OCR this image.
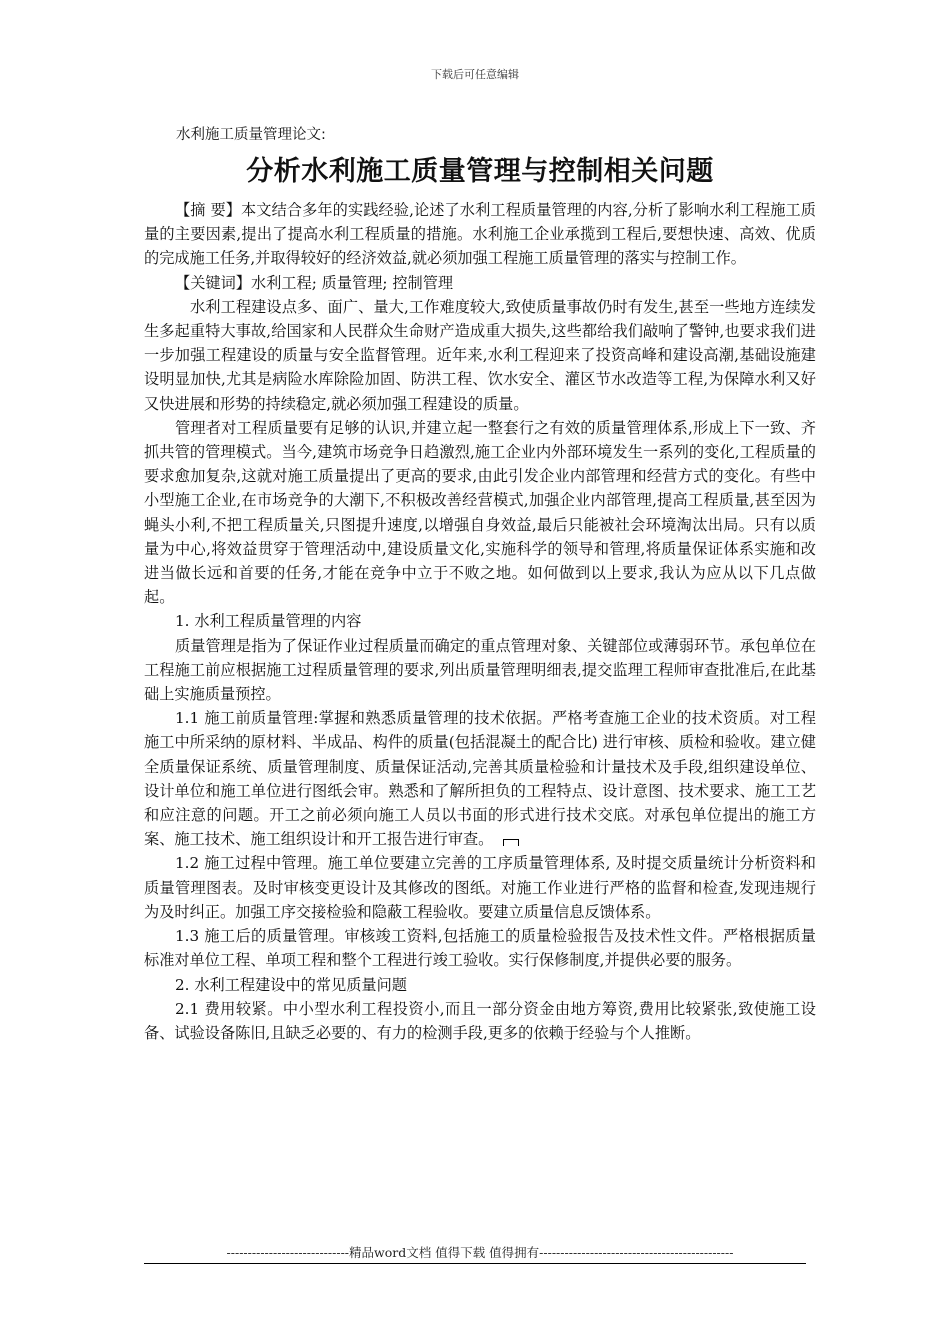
下载后可任意编辑

水利施工质量管理论文:

分析水利施工质量管理与控制相关问题

【摘 要】本文结合多年的实践经验,论述了水利工程质量管理的内容,分析了影响水利工程施工质量的主要因素,提出了提高水利工程质量的措施。水利施工企业承揽到工程后,要想快速、高效、优质的完成施工任务,并取得较好的经济效益,就必须加强工程施工质量管理的落实与控制工作。

【关键词】水利工程; 质量管理; 控制管理

水利工程建设点多、面广、量大,工作难度较大,致使质量事故仍时有发生,甚至一些地方连续发生多起重特大事故,给国家和人民群众生命财产造成重大损失,这些都给我们敲响了警钟,也要求我们进一步加强工程建设的质量与安全监督管理。近年来,水利工程迎来了投资高峰和建设高潮,基础设施建设明显加快,尤其是病险水库除险加固、防洪工程、饮水安全、灌区节水改造等工程,为保障水利又好又快进展和形势的持续稳定,就必须加强工程建设的质量。

管理者对工程质量要有足够的认识,并建立起一整套行之有效的质量管理体系,形成上下一致、齐抓共管的管理模式。当今,建筑市场竞争日趋激烈,施工企业内外部环境发生一系列的变化,工程质量的要求愈加复杂,这就对施工质量提出了更高的要求,由此引发企业内部管理和经营方式的变化。有些中小型施工企业,在市场竞争的大潮下,不积极改善经营模式,加强企业内部管理,提高工程质量,甚至因为蝇头小利,不把工程质量关,只图提升速度,以增强自身效益,最后只能被社会环境淘汰出局。只有以质量为中心,将效益贯穿于管理活动中,建设质量文化,实施科学的领导和管理,将质量保证体系实施和改进当做长远和首要的任务,才能在竞争中立于不败之地。如何做到以上要求,我认为应从以下几点做起。

1. 水利工程质量管理的内容

质量管理是指为了保证作业过程质量而确定的重点管理对象、关键部位或薄弱环节。承包单位在工程施工前应根据施工过程质量管理的要求,列出质量管理明细表,提交监理工程师审查批准后,在此基础上实施质量预控。

1.1 施工前质量管理:掌握和熟悉质量管理的技术依据。严格考查施工企业的技术资质。对工程施工中所采纳的原材料、半成品、构件的质量(包括混凝土的配合比) 进行审核、质检和验收。建立健全质量保证系统、质量管理制度、质量保证活动,完善其质量检验和计量技术及手段,组织建设单位、设计单位和施工单位进行图纸会审。熟悉和了解所担负的工程特点、设计意图、技术要求、施工工艺和应注意的问题。开工之前必须向施工人员以书面的形式进行技术交底。对承包单位提出的施工方案、施工技术、施工组织设计和开工报告进行审查。

1.2 施工过程中管理。施工单位要建立完善的工序质量管理体系, 及时提交质量统计分析资料和质量管理图表。及时审核变更设计及其修改的图纸。对施工作业进行严格的监督和检查,发现违规行为及时纠正。加强工序交接检验和隐蔽工程验收。要建立质量信息反馈体系。

1.3 施工后的质量管理。审核竣工资料,包括施工的质量检验报告及技术性文件。严格根据质量标准对单位工程、单项工程和整个工程进行竣工验收。实行保修制度,并提供必要的服务。

2. 水利工程建设中的常见质量问题

2.1 费用较紧。中小型水利工程投资小,而且一部分资金由地方筹资,费用比较紧张,致使施工设备、试验设备陈旧,且缺乏必要的、有力的检测手段,更多的依赖于经验与个人推断。

-----------------------------精品word文档 值得下载 值得拥有----------------------------------------------
